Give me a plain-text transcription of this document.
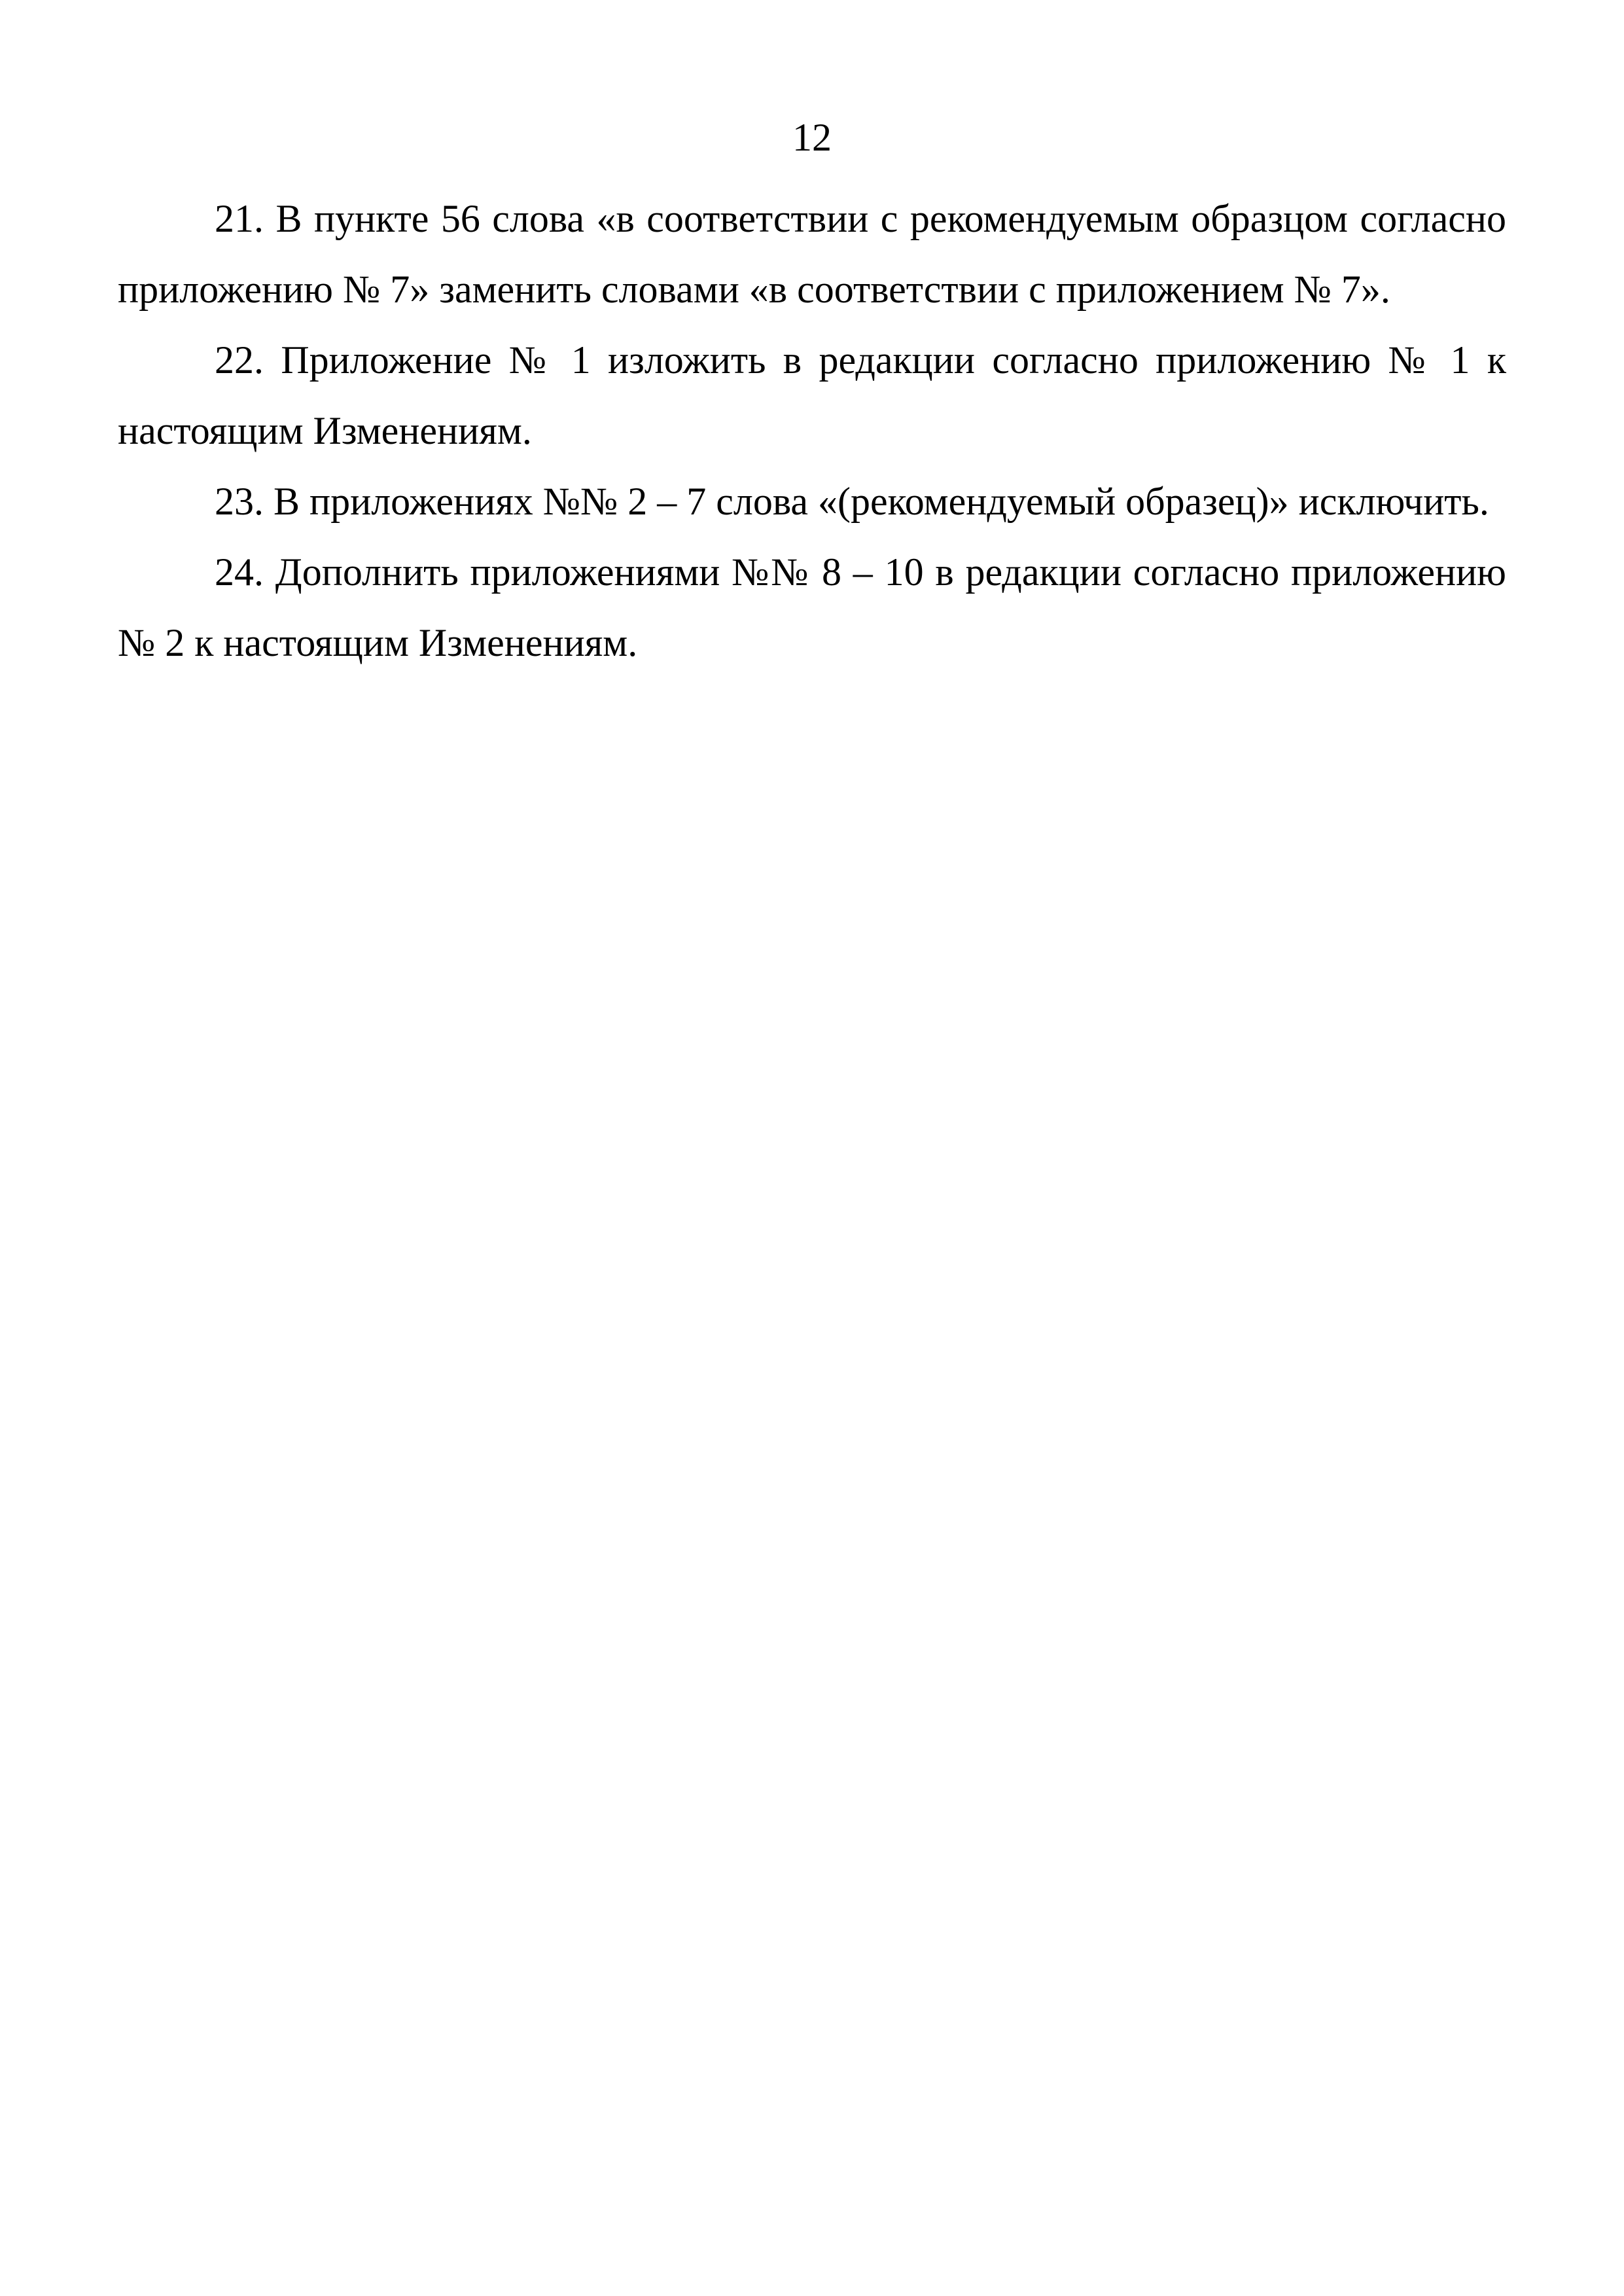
12

21. В пункте 56 слова «в соответствии с рекомендуемым образцом согласно приложению № 7» заменить словами «в соответствии с приложением № 7».

22. Приложение № 1 изложить в редакции согласно приложению № 1 к настоящим Изменениям.

23. В приложениях №№ 2 – 7 слова «(рекомендуемый образец)» исключить.

24. Дополнить приложениями №№ 8 – 10 в редакции согласно приложению № 2 к настоящим Изменениям.
